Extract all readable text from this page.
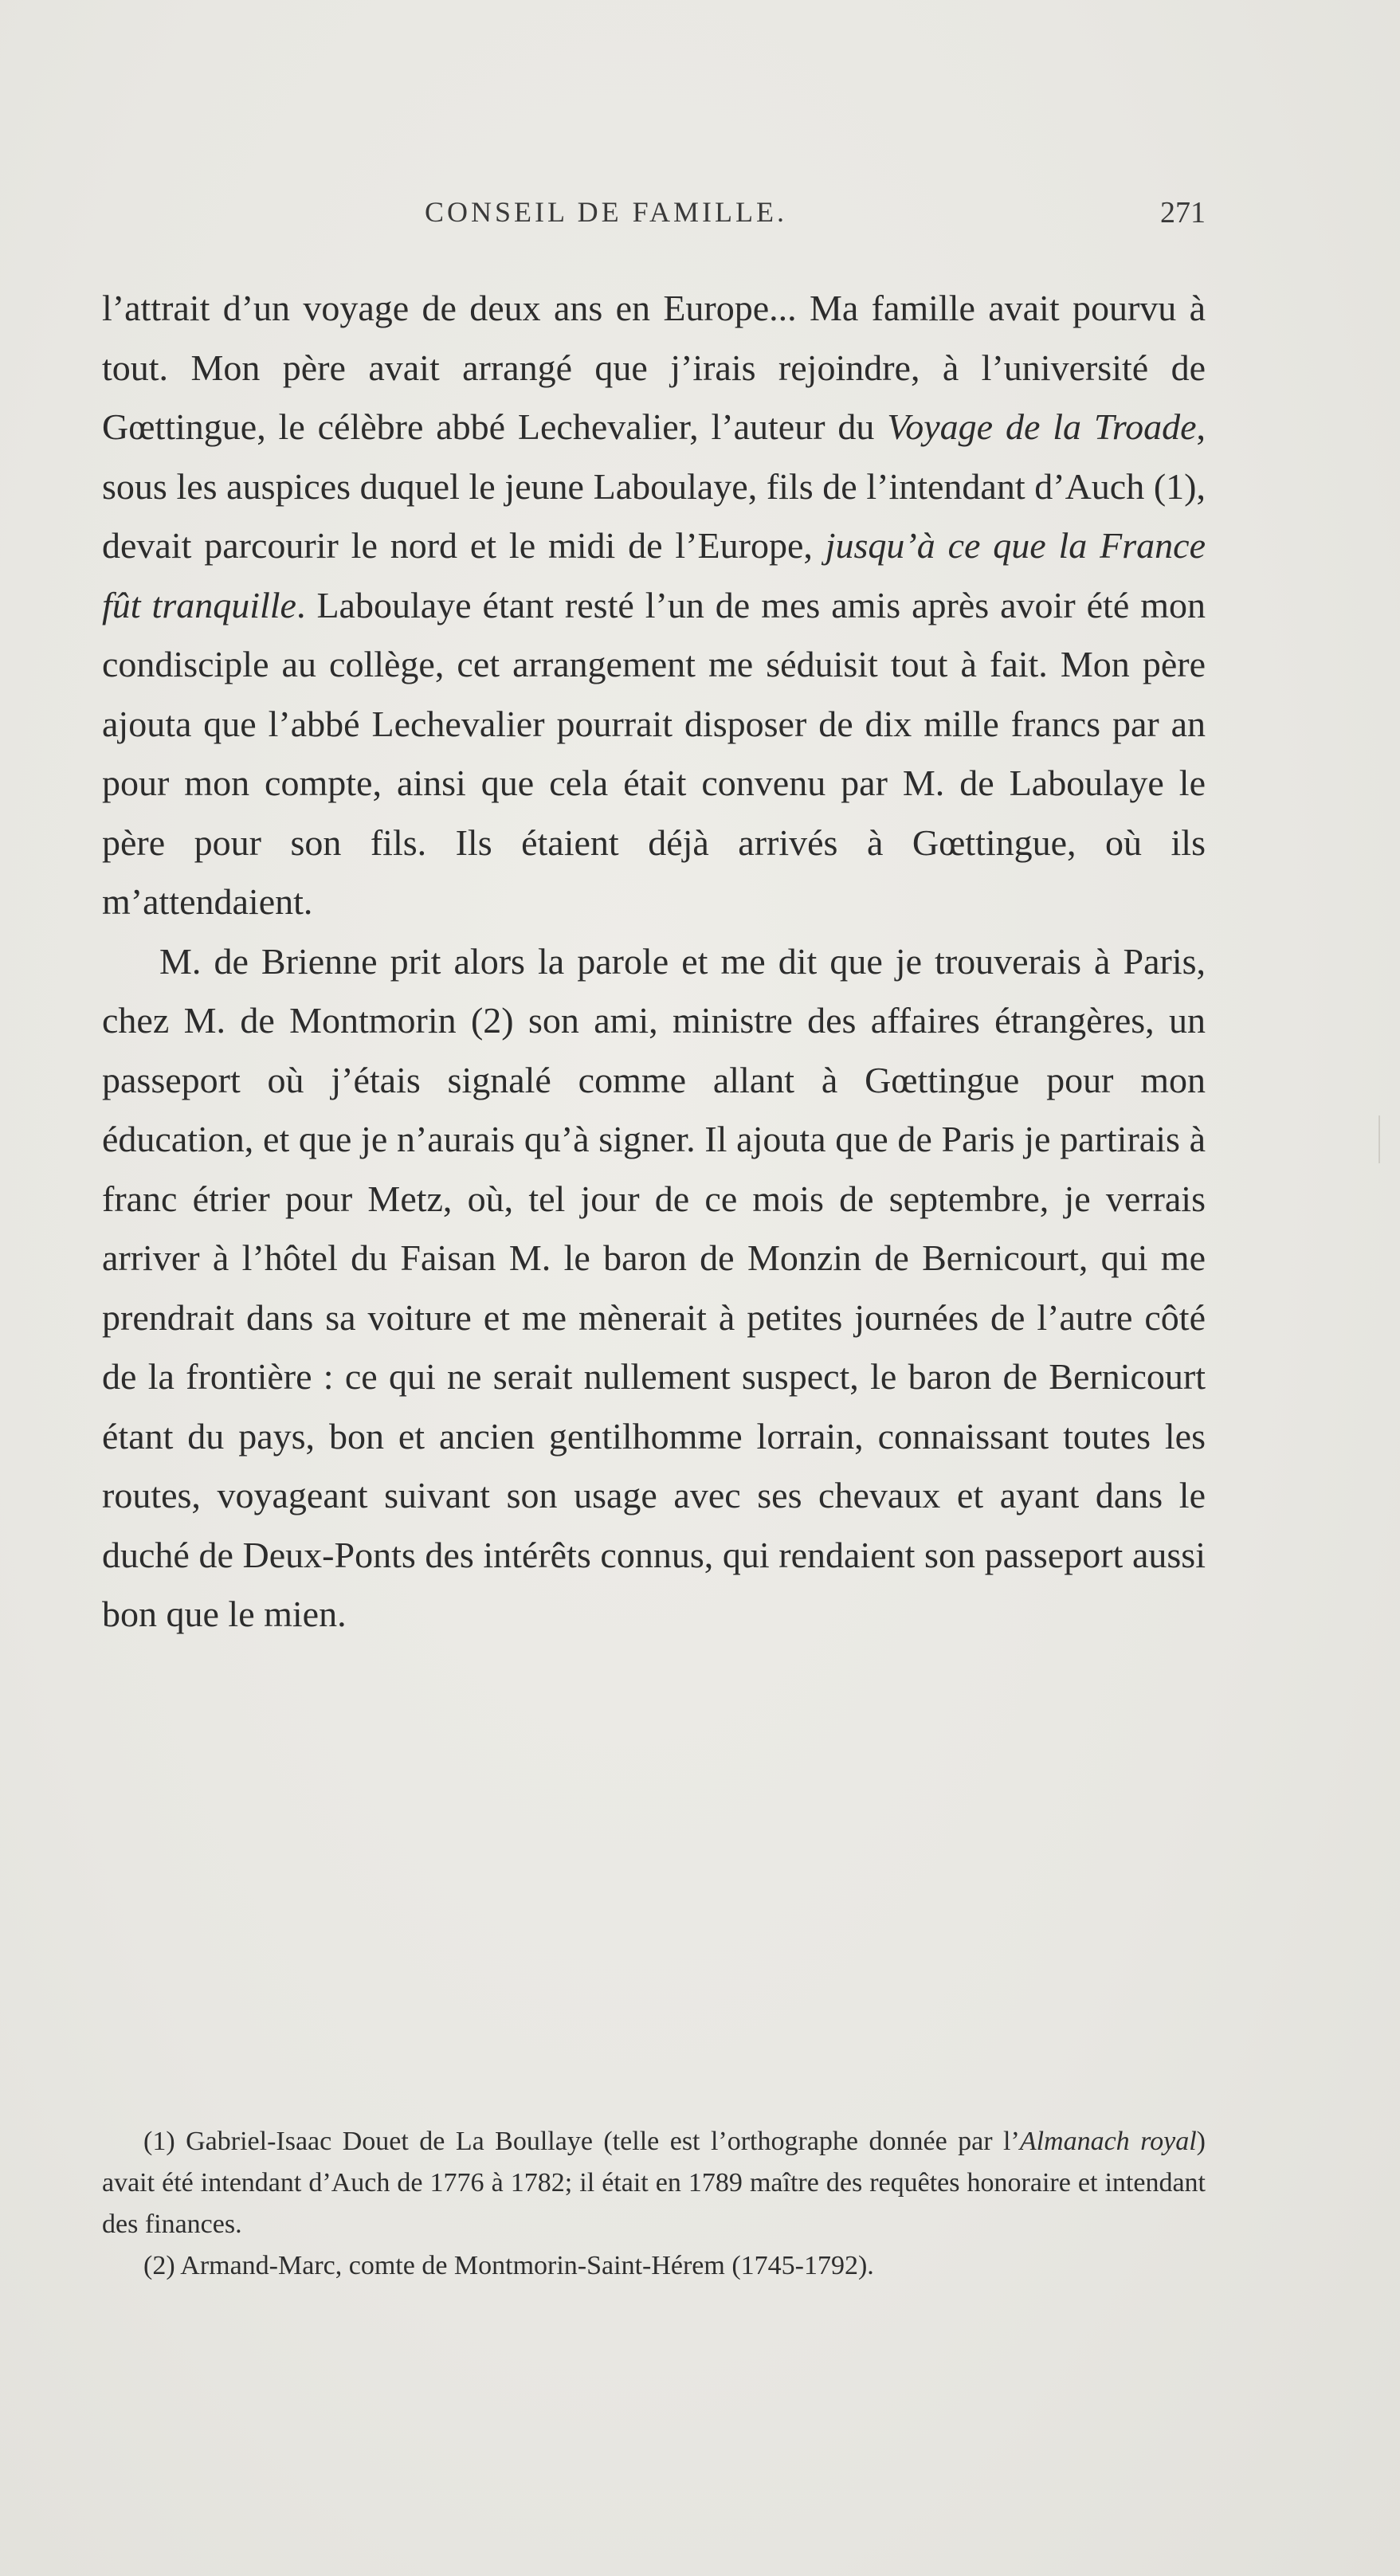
CONSEIL DE FAMILLE.	271

l’attrait d’un voyage de deux ans en Europe... Ma famille avait pourvu à tout. Mon père avait arrangé que j’irais rejoindre, à l’université de Gœttingue, le célèbre abbé Lechevalier, l’auteur du Voyage de la Troade, sous les auspices duquel le jeune Laboulaye, fils de l’intendant d’Auch (1), devait parcourir le nord et le midi de l’Europe, jusqu’à ce que la France fût tranquille. Laboulaye étant resté l’un de mes amis après avoir été mon condisciple au collège, cet arrangement me séduisit tout à fait. Mon père ajouta que l’abbé Lechevalier pourrait disposer de dix mille francs par an pour mon compte, ainsi que cela était convenu par M. de Laboulaye le père pour son fils. Ils étaient déjà arrivés à Gœttingue, où ils m’attendaient.

M. de Brienne prit alors la parole et me dit que je trouverais à Paris, chez M. de Montmorin (2) son ami, ministre des affaires étrangères, un passeport où j’étais signalé comme allant à Gœttingue pour mon éducation, et que je n’aurais qu’à signer. Il ajouta que de Paris je partirais à franc étrier pour Metz, où, tel jour de ce mois de septembre, je verrais arriver à l’hôtel du Faisan M. le baron de Monzin de Bernicourt, qui me prendrait dans sa voiture et me mènerait à petites journées de l’autre côté de la frontière : ce qui ne serait nullement suspect, le baron de Bernicourt étant du pays, bon et ancien gentilhomme lorrain, connaissant toutes les routes, voyageant suivant son usage avec ses chevaux et ayant dans le duché de Deux-Ponts des intérêts connus, qui rendaient son passeport aussi bon que le mien.

(1) Gabriel-Isaac Douet de La Boullaye (telle est l’orthographe donnée par l’Almanach royal) avait été intendant d’Auch de 1776 à 1782; il était en 1789 maître des requêtes honoraire et intendant des finances.

(2) Armand-Marc, comte de Montmorin-Saint-Hérem (1745-1792).
